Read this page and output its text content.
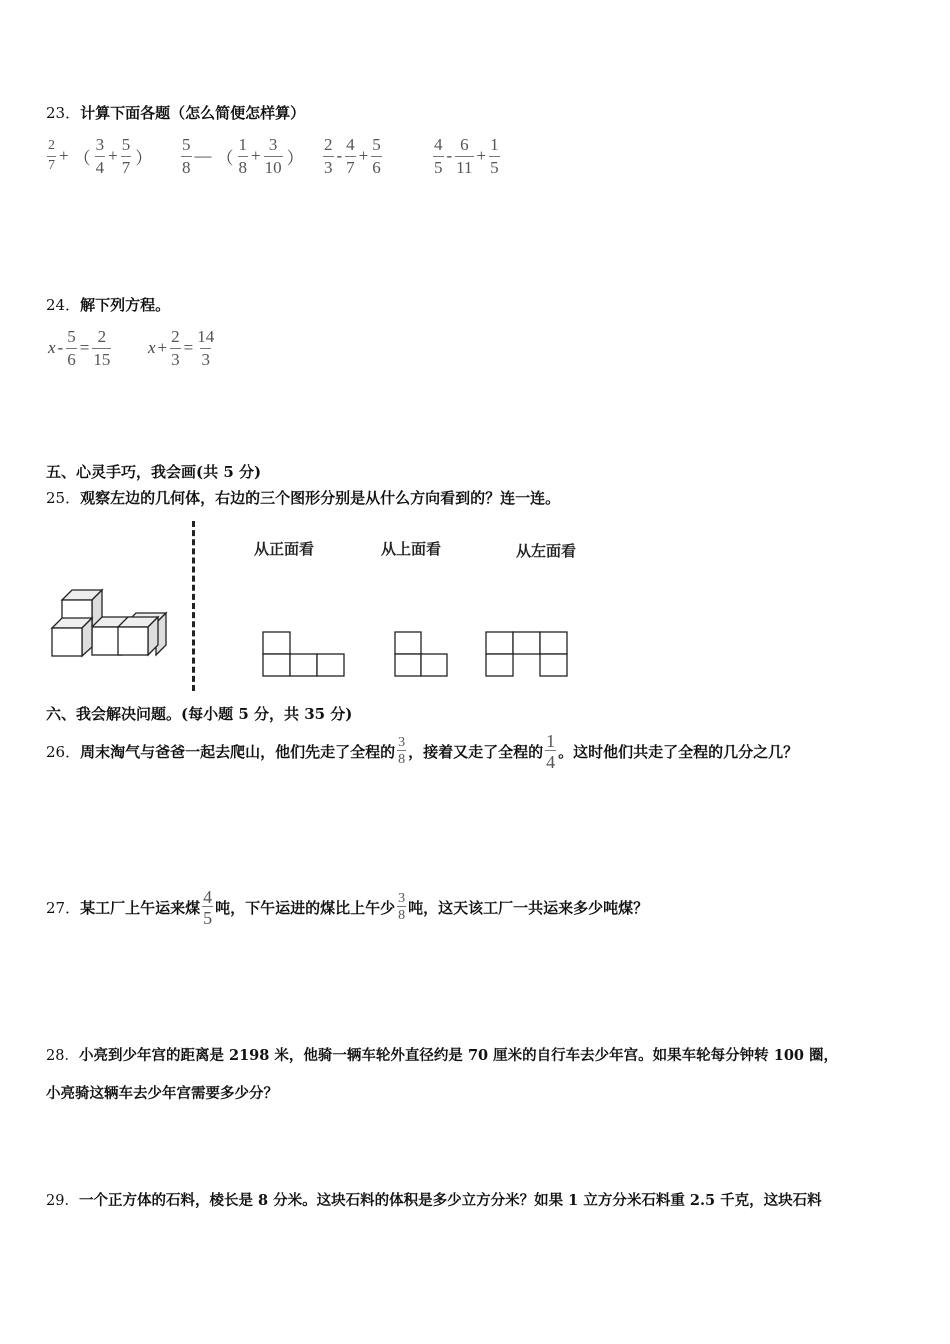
23．计算下面各题（怎么简便怎样算）
$\frac{2}{7}$ + （ $\frac{3}{4} + \frac{5}{7}$ ） $\frac{5}{8}$ — （ $\frac{1}{8} + \frac{3}{10}$ ） $\frac{2}{3} - \frac{4}{7} + \frac{5}{6}$	$\frac{4}{5} - \frac{6}{11} + \frac{1}{5}$
24．解下列方程。
$x - \frac{5}{6} = \frac{2}{15}$ $x + \frac{2}{3} = \frac{14}{3}$
五、心灵手巧，我会画(共 5 分)
25．观察左边的几何体，右边的三个图形分别是从什么方向看到的？连一连。
从正面看	从上面看	从左面看
六、我会解决问题。(每小题 5 分，共 35 分)
26． 周末淘气与爸爸一起去爬山，他们先走了全程的 $\frac{3}{8}$ ，接着又走了全程的 $\frac{1}{4}$ 。这时他们共走了全程的几分之几？
27． 某工厂上午运来煤 $\frac{4}{5}$ 吨，下午运进的煤比上午少 $\frac{3}{8}$ 吨，这天该工厂一共运来多少吨煤？
28．小亮到少年宫的距离是 2198 米，他骑一辆车轮外直径约是 70 厘米的自行车去少年宫。如果车轮每分钟转 100 圈，
小亮骑这辆车去少年宫需要多少分？
29．一个正方体的石料，棱长是 8 分米。这块石料的体积是多少立方分米？如果 1 立方分米石料重 2.5 千克，这块石料
